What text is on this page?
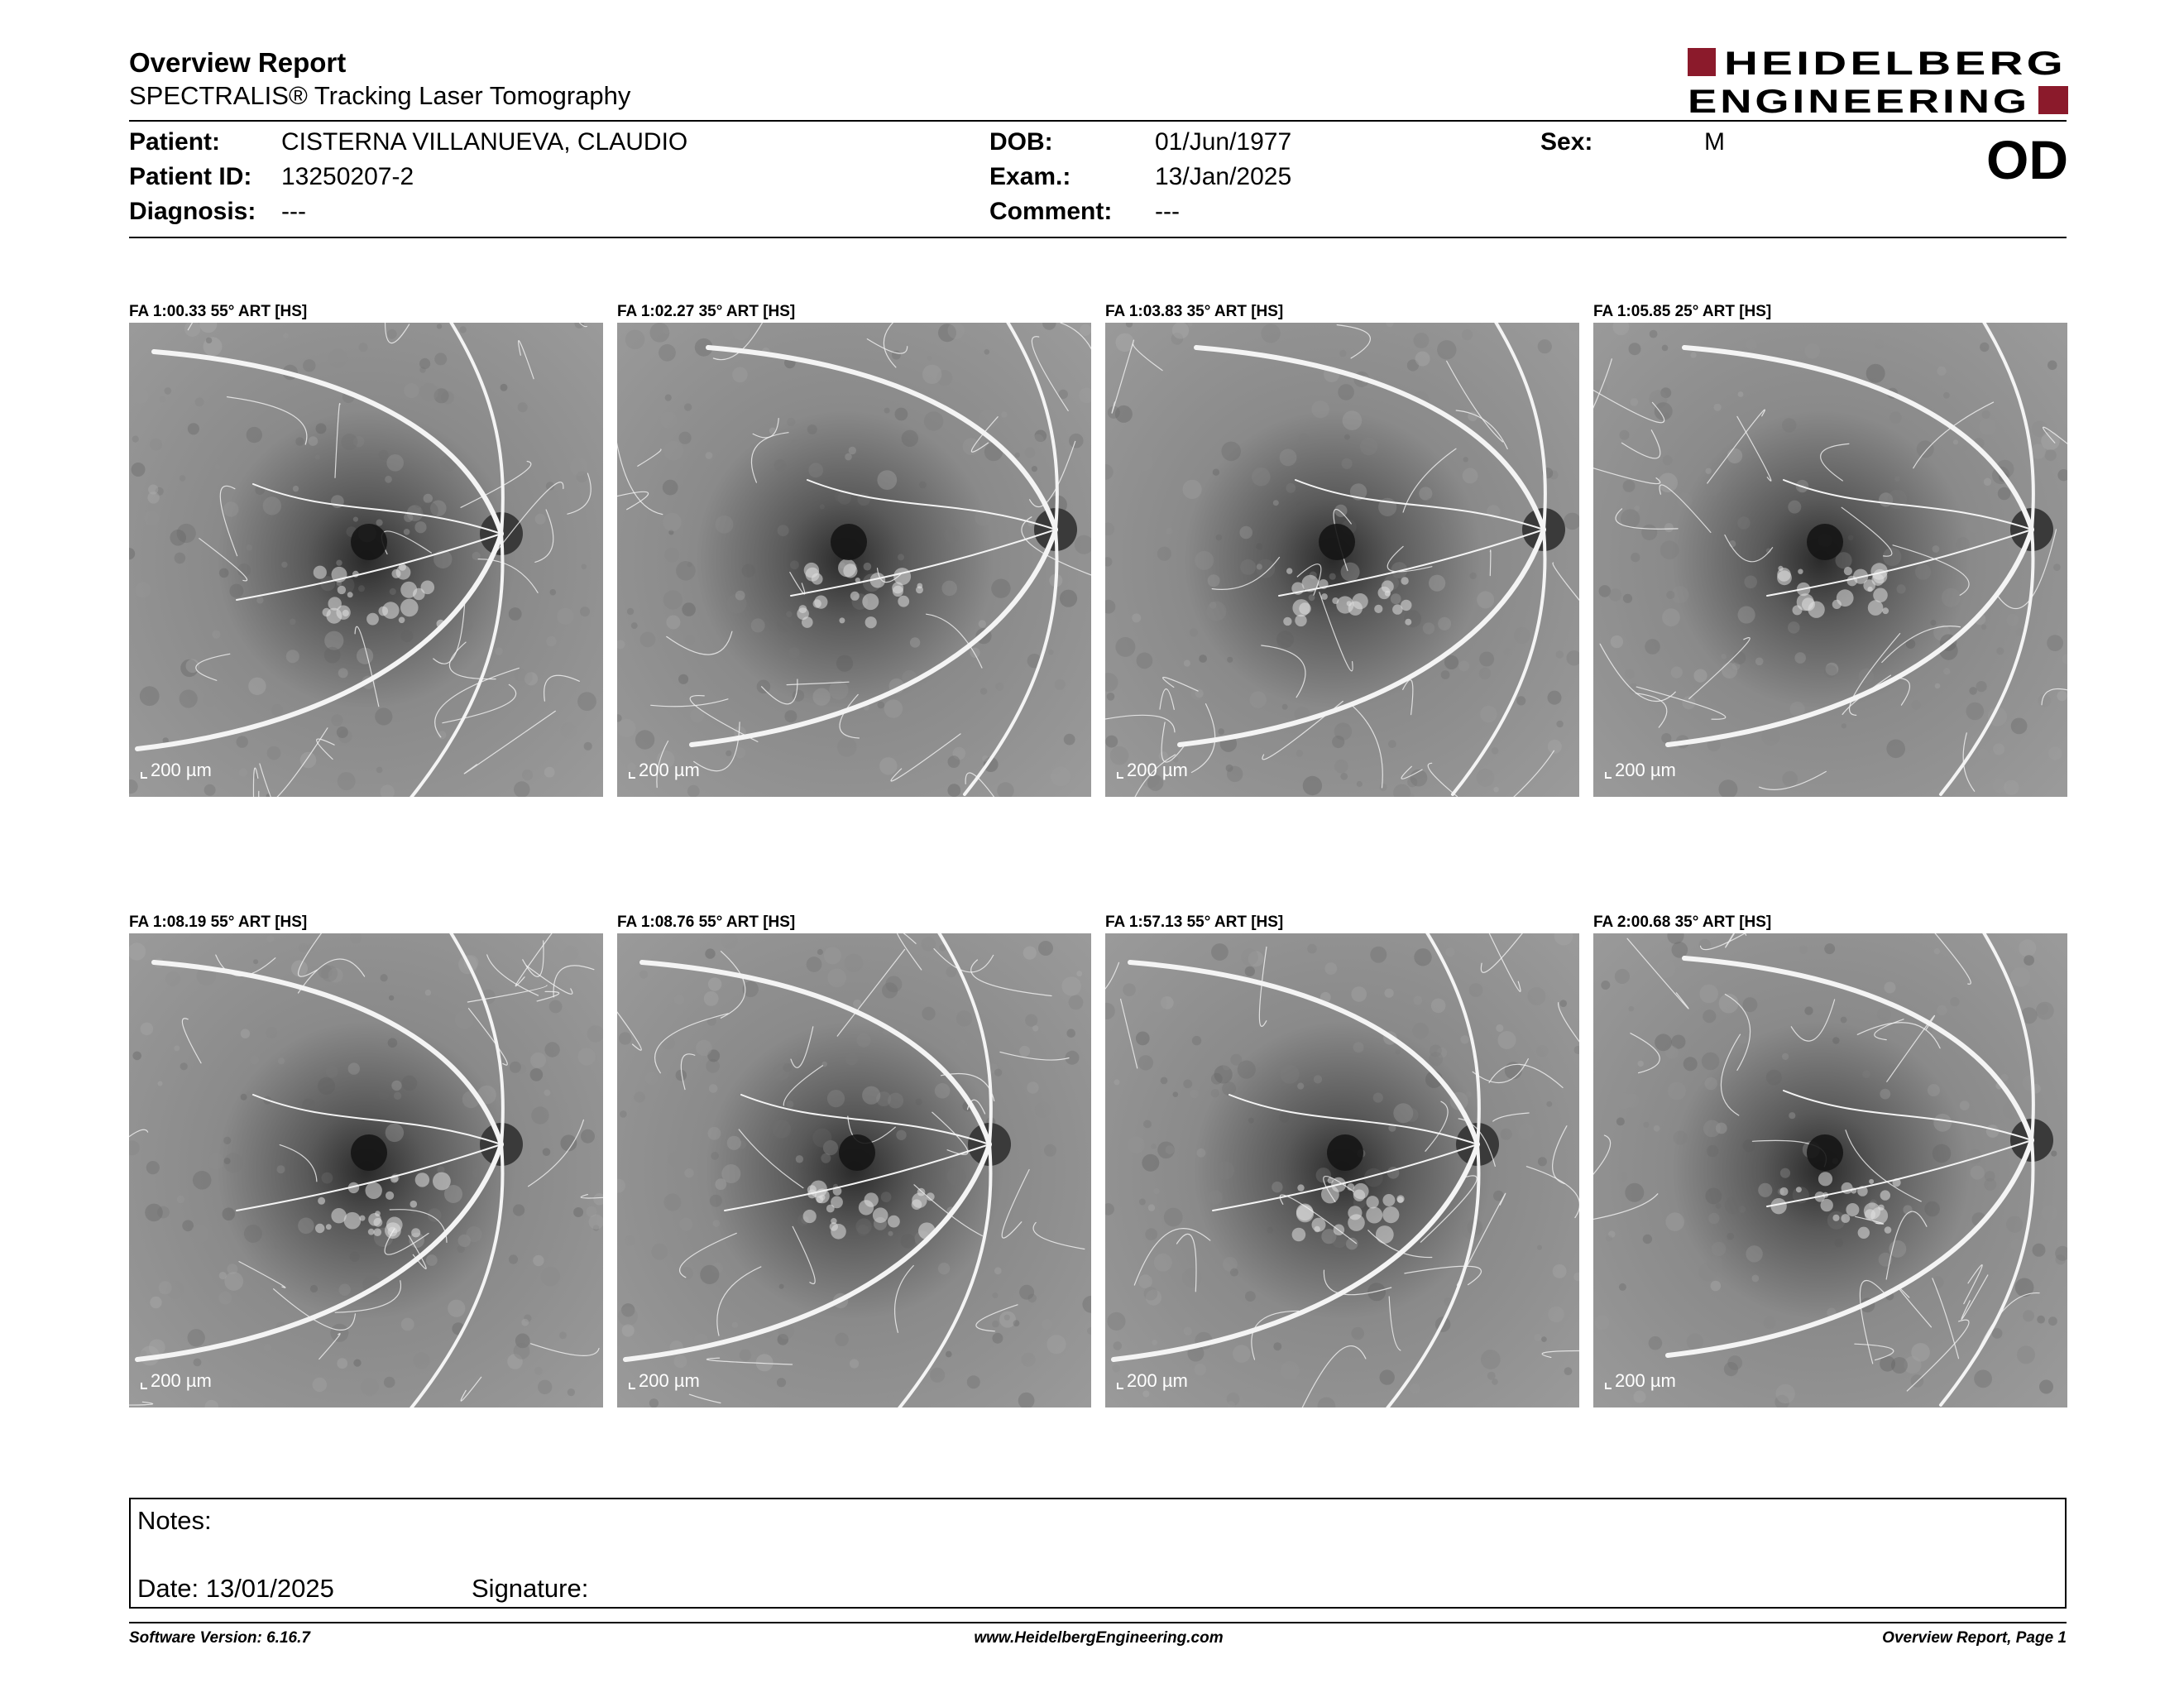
Overview Report
SPECTRALIS® Tracking Laser Tomography
HEIDELBERG
ENGINEERING
Patient: CISTERNA VILLANUEVA, CLAUDIO
Patient ID: 13250207-2
Diagnosis: ---
DOB:	01/Jun/1977
Exam.:	13/Jan/2025
Comment: ---
Sex:	M	OD
FA 1:00.33 55° ART [HS]
200 µm
FA 1:02.27 35° ART [HS]
200 µm
FA 1:03.83 35° ART [HS]
200 µm
FA 1:05.85 25° ART [HS]
200 µm
FA 1:08.19 55° ART [HS]
200 µm
FA 1:08.76 55° ART [HS]
200 µm
FA 1:57.13 55° ART [HS]
200 µm
FA 2:00.68 35° ART [HS]
200 µm
Notes:
Date: 13/01/2025	Signature:
Software Version: 6.16.7	www.HeidelbergEngineering.com	Overview Report, Page 1
